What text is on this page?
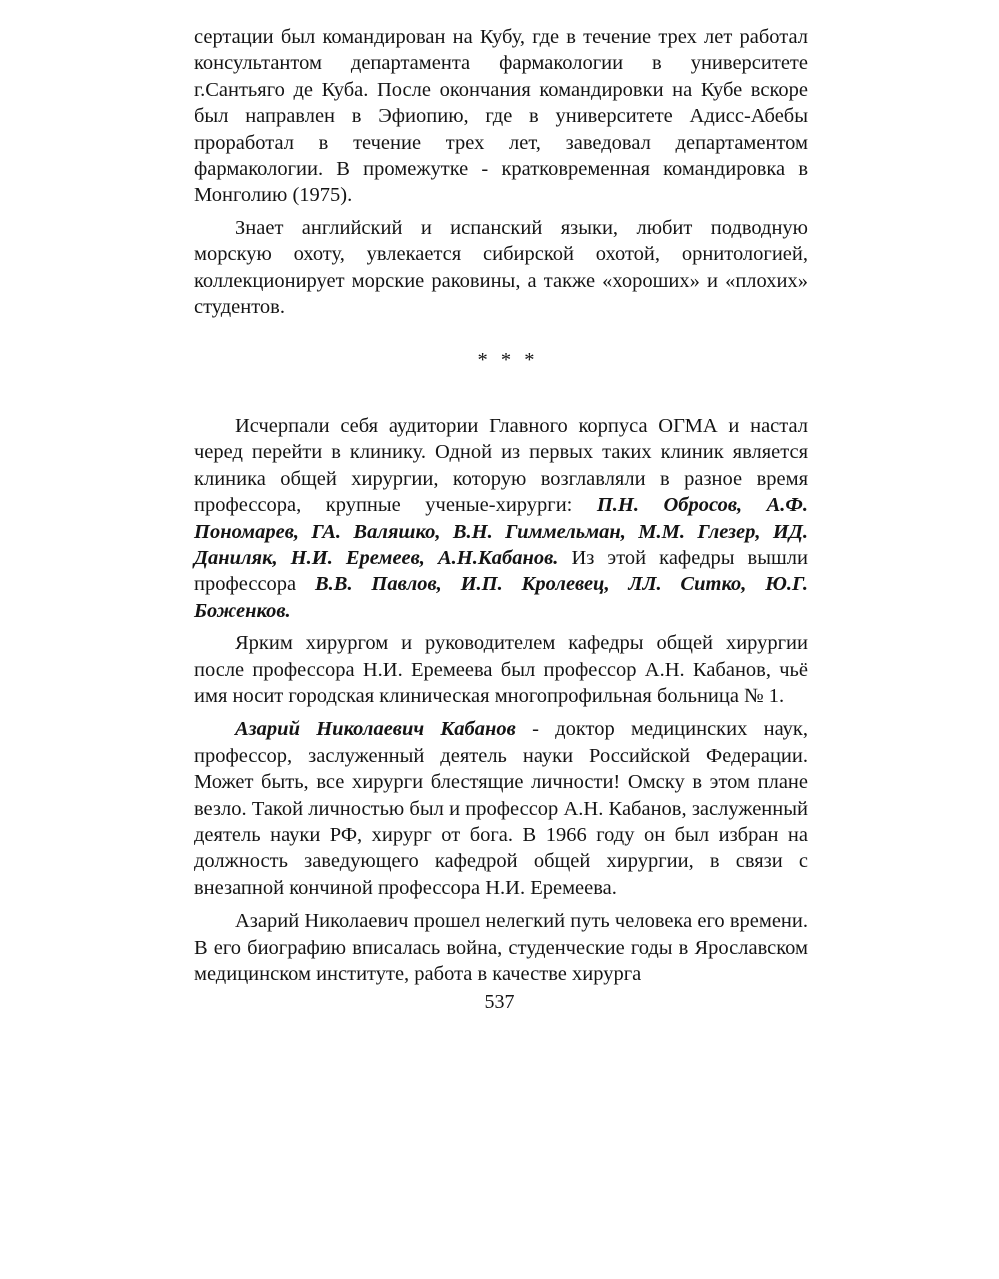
сертации был командирован на Кубу, где в течение трех лет работал консультантом департамента фармакологии в университете г.Сантьяго де Куба. После окончания командировки на Кубе вскоре был направлен в Эфиопию, где в университете Адисс-Абебы проработал в течение трех лет, заведовал департаментом фармакологии. В промежутке - кратковременная командировка в Монголию (1975).

Знает английский и испанский языки, любит подводную морскую охоту, увлекается сибирской охотой, орнитологией, коллекционирует морские раковины, а также «хороших» и «плохих» студентов.

* * *

Исчерпали себя аудитории Главного корпуса ОГМА и настал черед перейти в клинику. Одной из первых таких клиник является клиника общей хирургии, которую возглавляли в разное время профессора, крупные ученые-хирурги: П.Н. Обросов, А.Ф. Пономарев, ГА. Валяшко, В.Н. Гиммельман, М.М. Глезер, ИД. Даниляк, Н.И. Еремеев, А.Н.Кабанов. Из этой кафедры вышли профессора В.В. Павлов, И.П. Кролевец, ЛЛ. Ситко, Ю.Г. Боженков.

Ярким хирургом и руководителем кафедры общей хирургии после профессора Н.И. Еремеева был профессор А.Н. Кабанов, чьё имя носит городская клиническая многопрофильная больница № 1.

Азарий Николаевич Кабанов - доктор медицинских наук, профессор, заслуженный деятель науки Российской Федерации. Может быть, все хирурги блестящие личности! Омску в этом плане везло. Такой личностью был и профессор А.Н. Кабанов, заслуженный деятель науки РФ, хирург от бога. В 1966 году он был избран на должность заведующего кафедрой общей хирургии, в связи с внезапной кончиной профессора Н.И. Еремеева.

Азарий Николаевич прошел нелегкий путь человека его времени. В его биографию вписалась война, студенческие годы в Ярославском медицинском институте, работа в качестве хирурга

537
